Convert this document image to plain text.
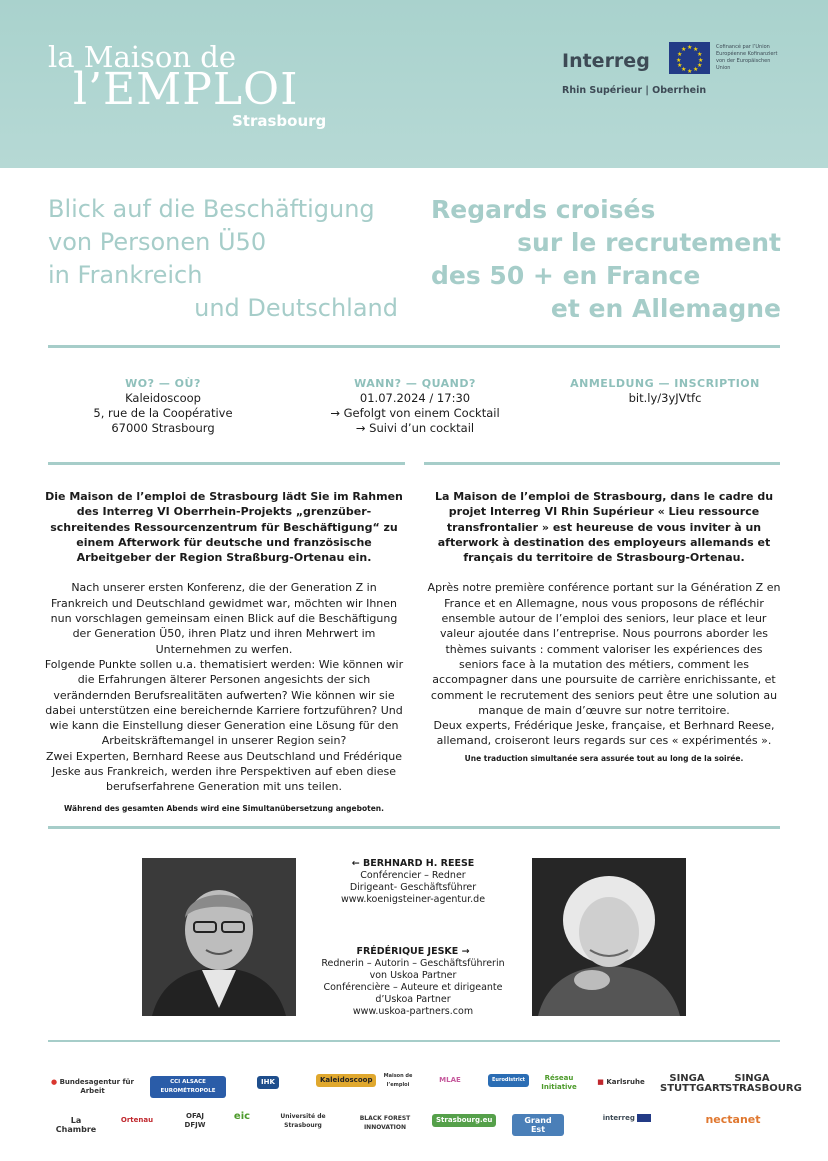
la Maison de
l’EMPLOI
Strasbourg
Interreg
★ ★
★
★
★
★
★
★
★
★
★
★	Cofinancé par l’Union Européenne Kofinanziert von der Europäischen Union
Rhin Supérieur | Oberrhein
Blick auf die Beschäftigung
von Personen Ü50
in Frankreich
und Deutschland
Regards croisés
sur le recrutement
des 50 + en France
et en Allemagne
WO? — OÙ?
Kaleidoscoop
5, rue de la Coopérative
67000 Strasbourg
WANN? — QUAND?
01.07.2024 / 17:30
→ Gefolgt von einem Cocktail
→ Suivi d’un cocktail
ANMELDUNG — INSCRIPTION
bit.ly/3yJVtfc

Die Maison de l’emploi de Strasbourg lädt Sie im Rahmen des Interreg VI Oberrhein-Projekts „grenzüber-schreitendes Ressourcenzentrum für Beschäftigung“ zu einem Afterwork für deutsche und französische Arbeitgeber der Region Straßburg-Ortenau ein.

Nach unserer ersten Konferenz, die der Generation Z in Frankreich und Deutschland gewidmet war, möchten wir Ihnen nun vorschlagen gemeinsam einen Blick auf die Beschäftigung der Generation Ü50, ihren Platz und ihren Mehrwert im Unternehmen zu werfen.

Folgende Punkte sollen u.a. thematisiert werden: Wie können wir die Erfahrungen älterer Personen angesichts der sich verändernden Berufsrealitäten aufwerten? Wie können wir sie dabei unterstützen eine bereichernde Karriere fortzuführen? Und wie kann die Einstellung dieser Generation eine Lösung für den Arbeitskräftemangel in unserer Region sein?

Zwei Experten, Bernhard Reese aus Deutschland und Frédérique Jeske aus Frankreich, werden ihre Perspektiven auf eben diese berufserfahrene Generation mit uns teilen.

Während des gesamten Abends wird eine Simultanübersetzung angeboten.

La Maison de l’emploi de Strasbourg, dans le cadre du projet Interreg VI Rhin Supérieur « Lieu ressource transfrontalier » est heureuse de vous inviter à un afterwork à destination des employeurs allemands et français du territoire de Strasbourg-Ortenau.

Après notre première conférence portant sur la Génération Z en France et en Allemagne, nous vous proposons de réfléchir ensemble autour de l’emploi des seniors, leur place et leur valeur ajoutée dans l’entreprise. Nous pourrons aborder les thèmes suivants : comment valoriser les expériences des seniors face à la mutation des métiers, comment les accompagner dans une poursuite de carrière enrichissante, et comment le recrutement des seniors peut être une solution au manque de main d’œuvre sur notre territoire.

Deux experts, Frédérique Jeske, française, et Berhnard Reese, allemand, croiseront leurs regards sur ces « expérimentés ».

Une traduction simultanée sera assurée tout au long de la soirée.

← BERHNARD H. REESE
Conférencier – Redner
Dirigeant- Geschäftsführer
www.koenigsteiner-agentur.de
FRÉDÉRIQUE JESKE →
Rednerin – Autorin – Geschäftsführerin
von Uskoa Partner
Conférencière – Auteure et dirigeante
d’Uskoa Partner
www.uskoa-partners.com
● Bundesagentur für Arbeit
CCI ALSACE EUROMÉTROPOLE
IHK	Kaleidoscoop	Maison de l’emploi
MLAE	Eurodistrict	Réseau Initiative
■ Karlsruhe	SINGA STUTTGART
SINGA STRASBOURG
La Chambre
Ortenau	OFAJ DFJW
eic	Université de Strasbourg
BLACK FOREST INNOVATION
Strasbourg.eu	Grand Est
interreg	nectanet
